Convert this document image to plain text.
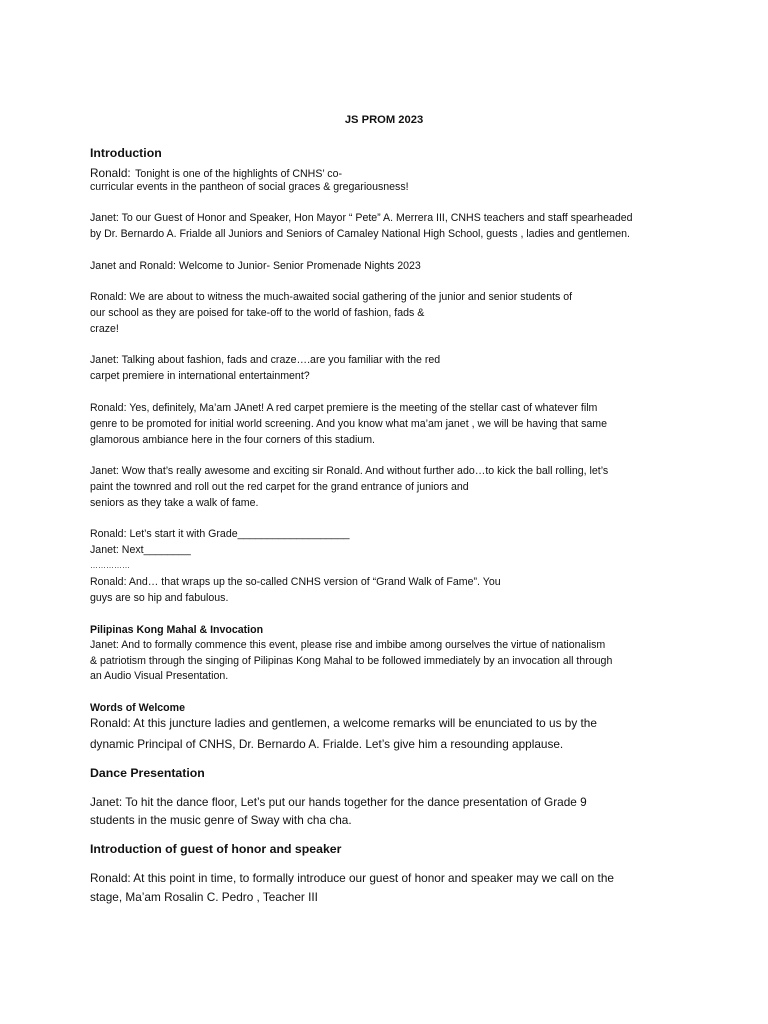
JS PROM 2023
Introduction
Ronald: Tonight is one of the highlights of CNHS’ co-
curricular events in the pantheon of social graces & gregariousness!
Janet: To our Guest of Honor and Speaker, Hon Mayor “ Pete” A. Merrera III, CNHS teachers and staff spearheaded
by Dr. Bernardo A. Frialde all Juniors and Seniors of Camaley National High School, guests , ladies and gentlemen.
Janet and Ronald: Welcome to Junior- Senior Promenade Nights 2023
Ronald: We are about to witness the much-awaited social gathering of the junior and senior students of
our school as they are poised for take-off to the world of fashion, fads &
craze!
Janet: Talking about fashion, fads and craze….are you familiar with the red
carpet premiere in international entertainment?
Ronald: Yes, definitely, Ma’am JAnet! A red carpet premiere is the meeting of the stellar cast of whatever film
genre to be promoted for initial world screening. And you know what ma’am janet , we will be having that same
glamorous ambiance here in the four corners of this stadium.
Janet: Wow that’s really awesome and exciting sir Ronald. And without further ado…to kick the ball rolling, let’s
paint the townred and roll out the red carpet for the grand entrance of juniors and
seniors as they take a walk of fame.
Ronald: Let’s start it with Grade___________________
Janet: Next________
……………
Ronald: And… that wraps up the so-called CNHS version of “Grand Walk of Fame”. You
guys are so hip and fabulous.
Pilipinas Kong Mahal & Invocation
Janet: And to formally commence this event, please rise and imbibe among ourselves the virtue of nationalism
& patriotism through the singing of Pilipinas Kong Mahal to be followed immediately by an invocation all through
an Audio Visual Presentation.
Words of Welcome
Ronald: At this juncture ladies and gentlemen, a welcome remarks will be enunciated to us by the
dynamic Principal of CNHS, Dr. Bernardo A. Frialde. Let’s give him a resounding applause.
Dance Presentation
Janet: To hit the dance floor, Let’s put our hands together for the dance presentation of Grade 9
students in the music genre of Sway with cha cha.
Introduction of guest of honor and speaker
Ronald: At this point in time, to formally introduce our guest of honor and speaker may we call on the
stage, Ma’am Rosalin C. Pedro , Teacher III
